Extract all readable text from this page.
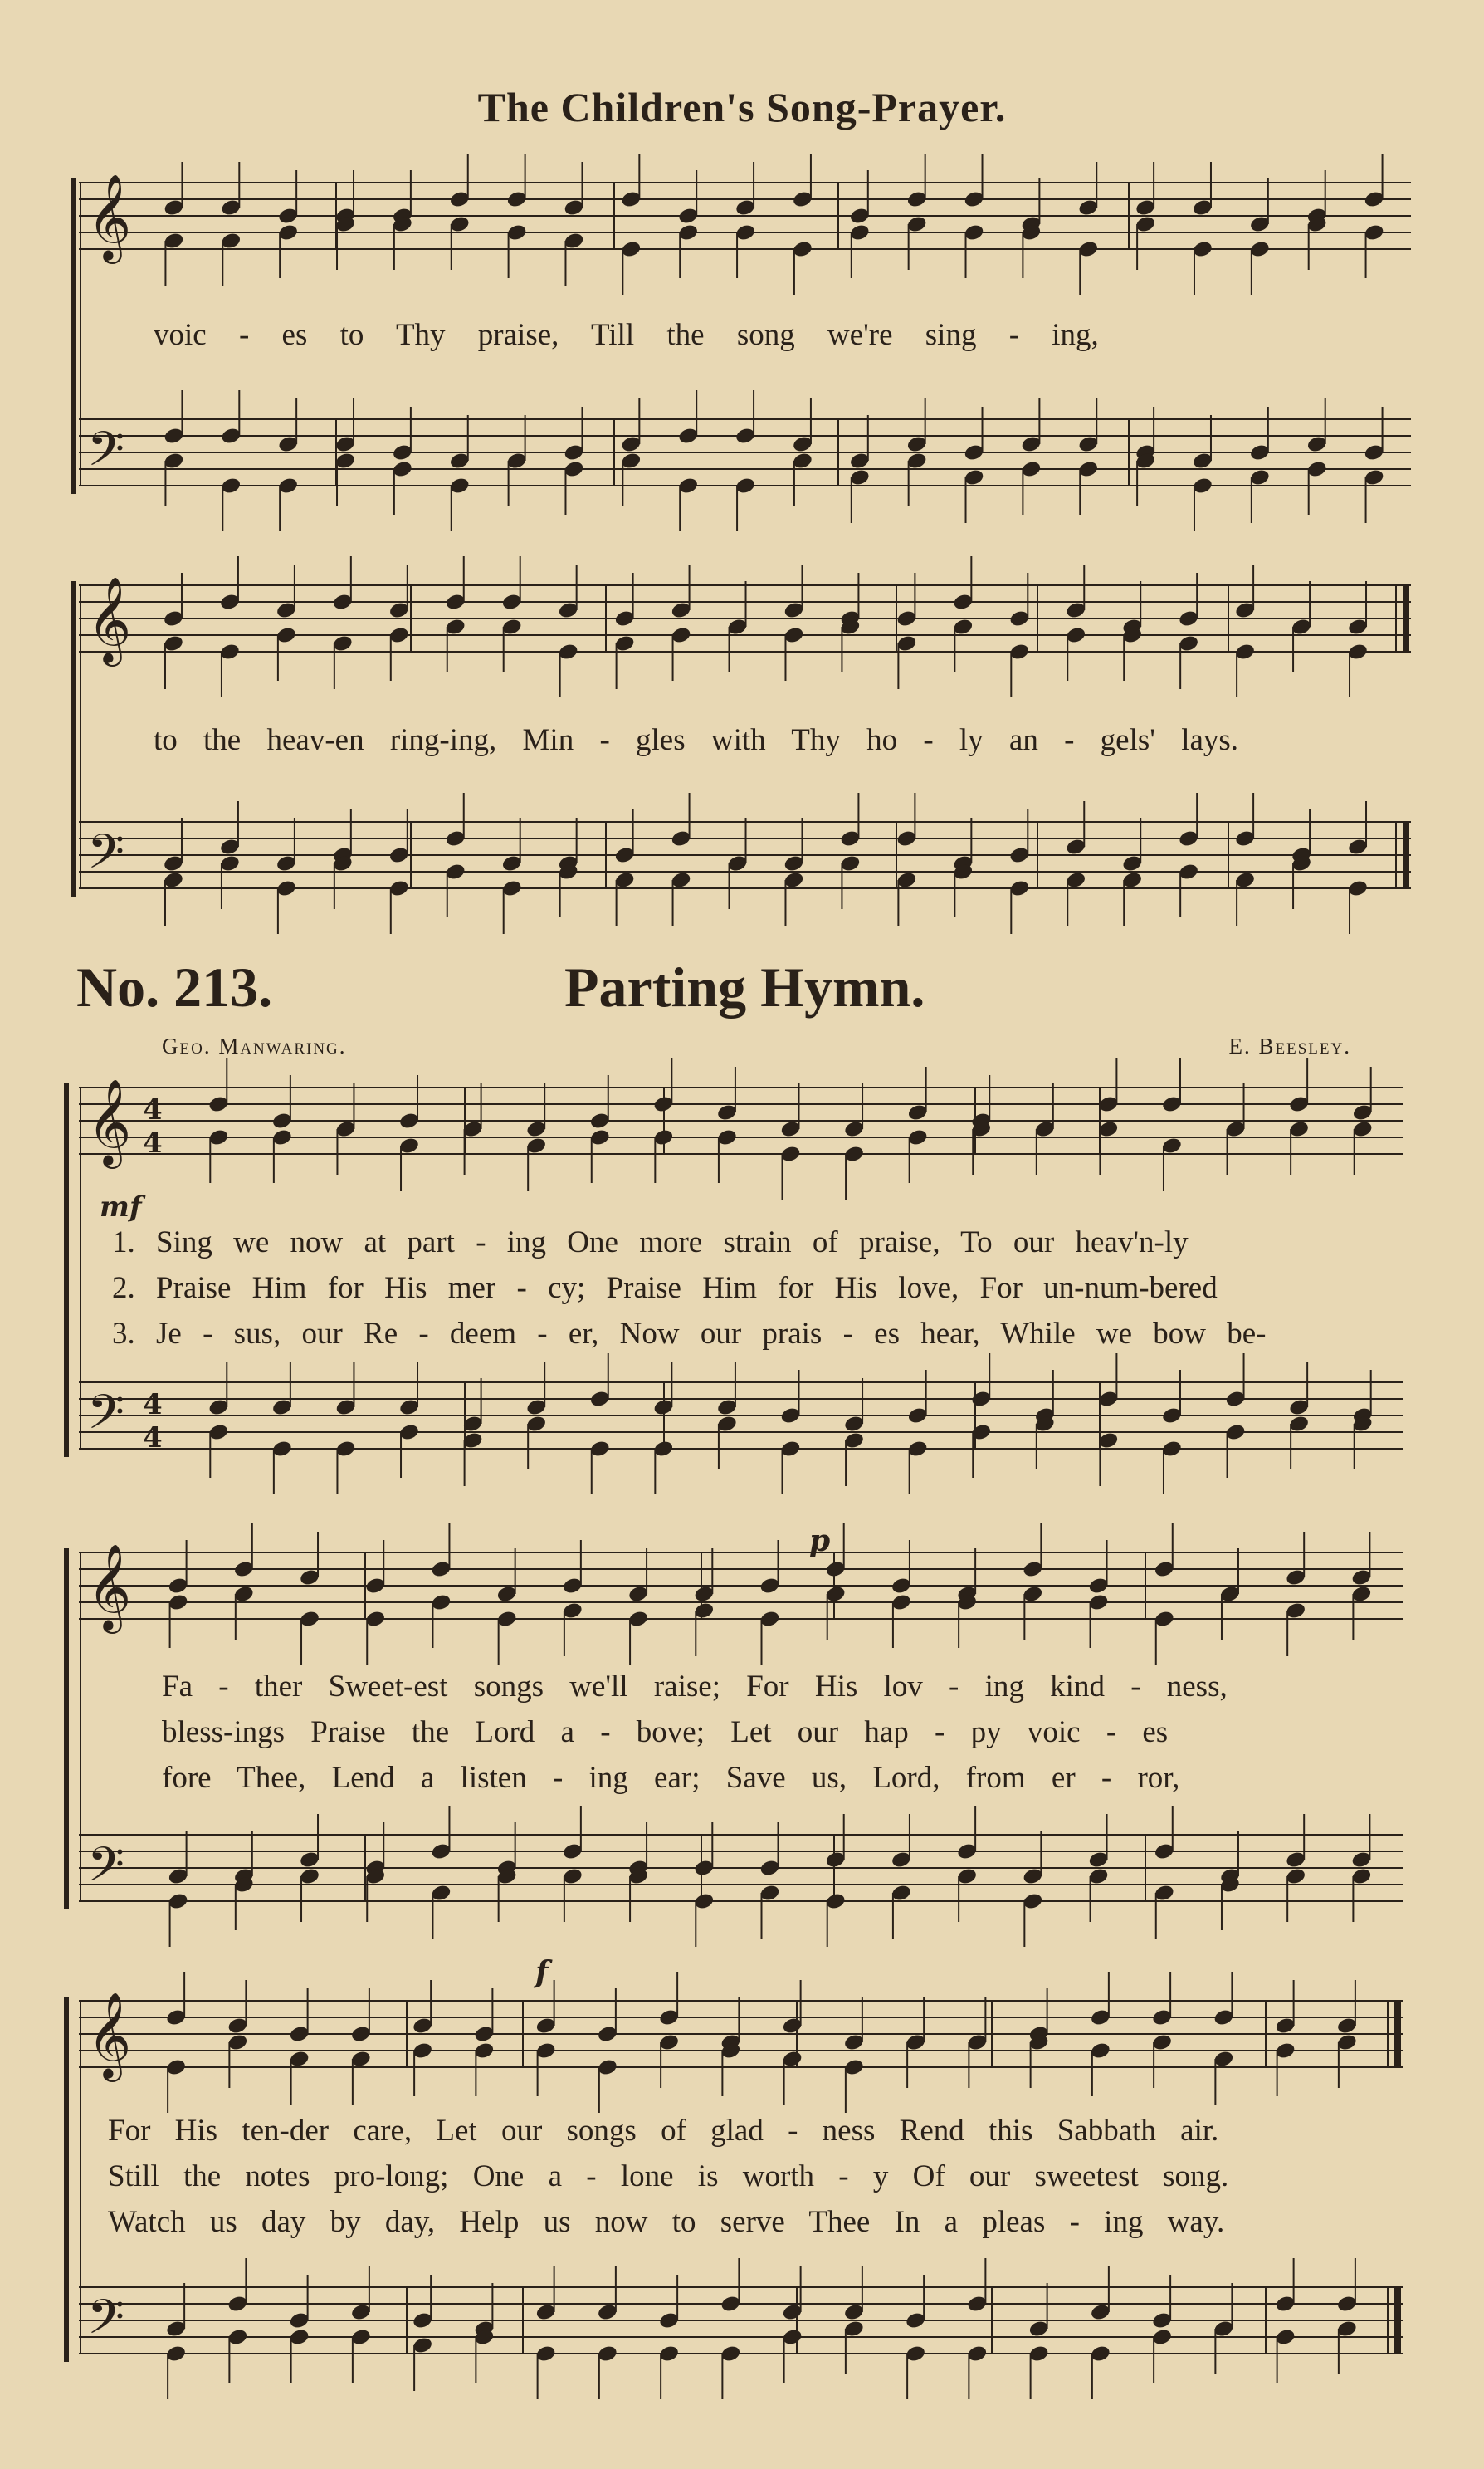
The Children's Song-Prayer.
𝄞
𝄢
voic - es to Thy praise, Till the song we're sing - ing,
𝄞
𝄢
to the heav-en ring-ing, Min - gles with Thy ho - ly an - gels' lays.
No. 213.	Parting Hymn.
Geo. Manwaring.	E. Beesley.
𝄞
𝄢
4
4
4
4
mf
1. Sing we now at part - ing One more strain of praise, To our heav'n-ly
2. Praise Him for His mer - cy; Praise Him for His love, For un-num-bered
3. Je - sus, our Re - deem - er, Now our prais - es hear, While we bow be-
𝄞
𝄢
p
Fa - ther Sweet-est songs we'll raise; For His lov - ing kind - ness,
bless-ings Praise the Lord a - bove; Let our hap - py voic - es
fore Thee, Lend a listen - ing ear; Save us, Lord, from er - ror,
𝄞
𝄢
f
For His ten-der care, Let our songs of glad - ness Rend this Sabbath air.
Still the notes pro-long; One a - lone is worth - y Of our sweetest song.
Watch us day by day, Help us now to serve Thee In a pleas - ing way.
